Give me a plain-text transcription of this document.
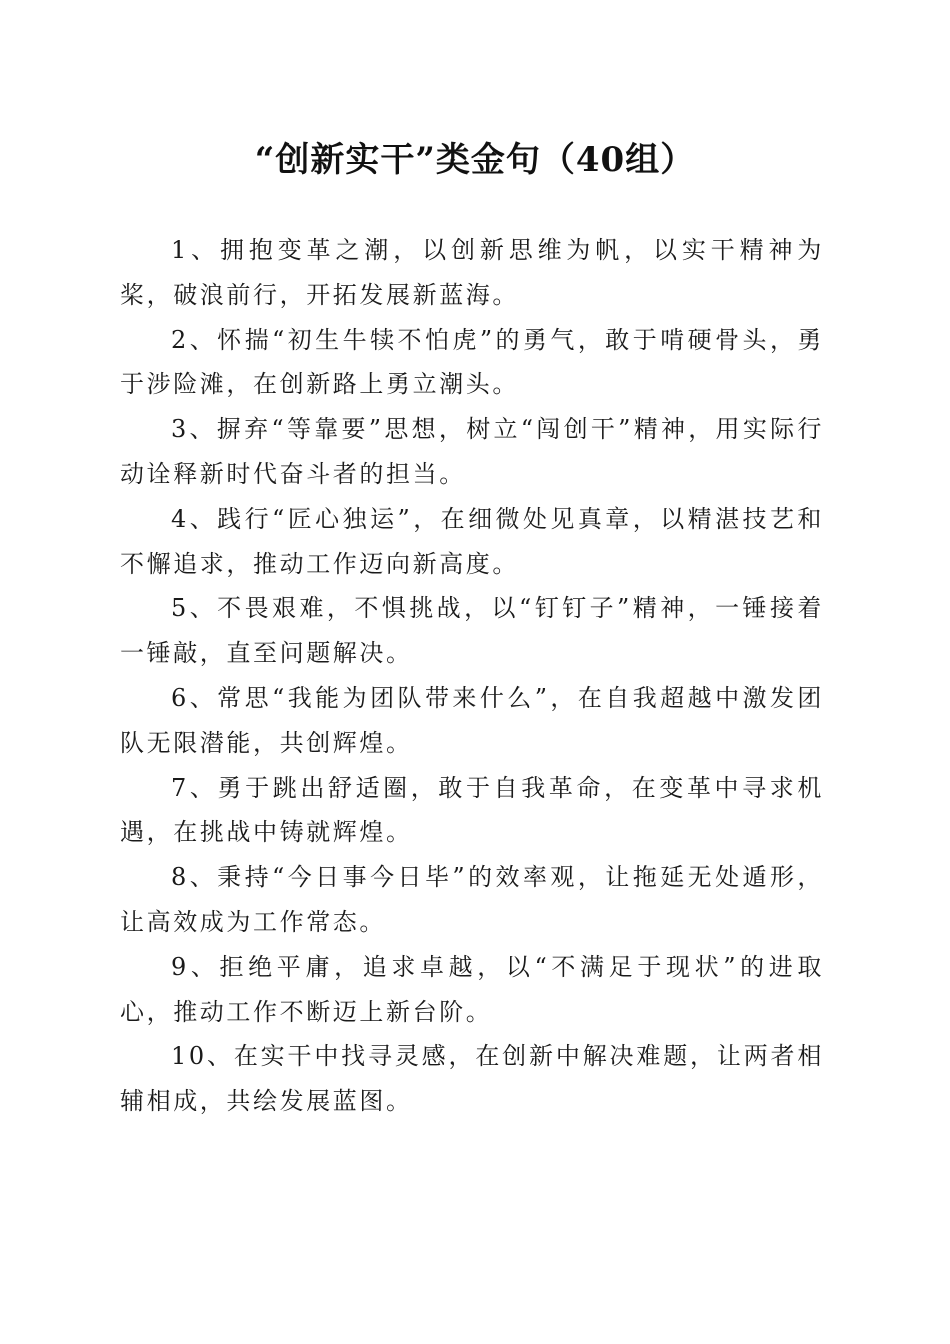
“创新实干”类金句（40组）

1、拥抱变革之潮，以创新思维为帆，以实干精神为桨，破浪前行，开拓发展新蓝海。

2、怀揣“初生牛犊不怕虎”的勇气，敢于啃硬骨头，勇于涉险滩，在创新路上勇立潮头。

3、摒弃“等靠要”思想，树立“闯创干”精神，用实际行动诠释新时代奋斗者的担当。

4、践行“匠心独运”，在细微处见真章，以精湛技艺和不懈追求，推动工作迈向新高度。

5、不畏艰难，不惧挑战，以“钉钉子”精神，一锤接着一锤敲，直至问题解决。

6、常思“我能为团队带来什么”，在自我超越中激发团队无限潜能，共创辉煌。

7、勇于跳出舒适圈，敢于自我革命，在变革中寻求机遇，在挑战中铸就辉煌。

8、秉持“今日事今日毕”的效率观，让拖延无处遁形，让高效成为工作常态。

9、拒绝平庸，追求卓越，以“不满足于现状”的进取心，推动工作不断迈上新台阶。

10、在实干中找寻灵感，在创新中解决难题，让两者相辅相成，共绘发展蓝图。
